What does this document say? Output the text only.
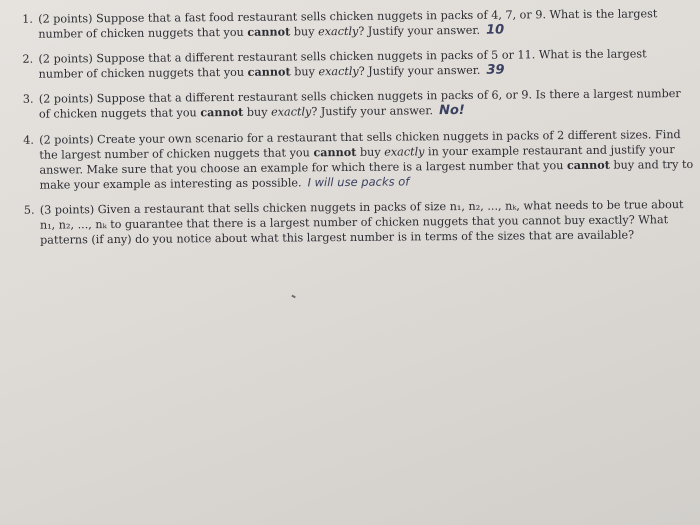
1. (2 points) Suppose that a fast food restaurant sells chicken nuggets in packs of 4, 7, or 9. What is the largest number of chicken nuggets that you cannot buy exactly? Justify your answer. 10
2. (2 points) Suppose that a different restaurant sells chicken nuggets in packs of 5 or 11. What is the largest number of chicken nuggets that you cannot buy exactly? Justify your answer. 39
3. (2 points) Suppose that a different restaurant sells chicken nuggets in packs of 6, or 9. Is there a largest number of chicken nuggets that you cannot buy exactly? Justify your answer. No!
4. (2 points) Create your own scenario for a restaurant that sells chicken nuggets in packs of 2 different sizes. Find the largest number of chicken nuggets that you cannot buy exactly in your example restaurant and justify your answer. Make sure that you choose an example for which there is a largest number that you cannot buy and try to make your example as interesting as possible. I will use packs of
5. (3 points) Given a restaurant that sells chicken nuggets in packs of size n₁, n₂, ..., nₖ, what needs to be true about n₁, n₂, ..., nₖ to guarantee that there is a largest number of chicken nuggets that you cannot buy exactly? What patterns (if any) do you notice about what this largest number is in terms of the sizes that are available?
